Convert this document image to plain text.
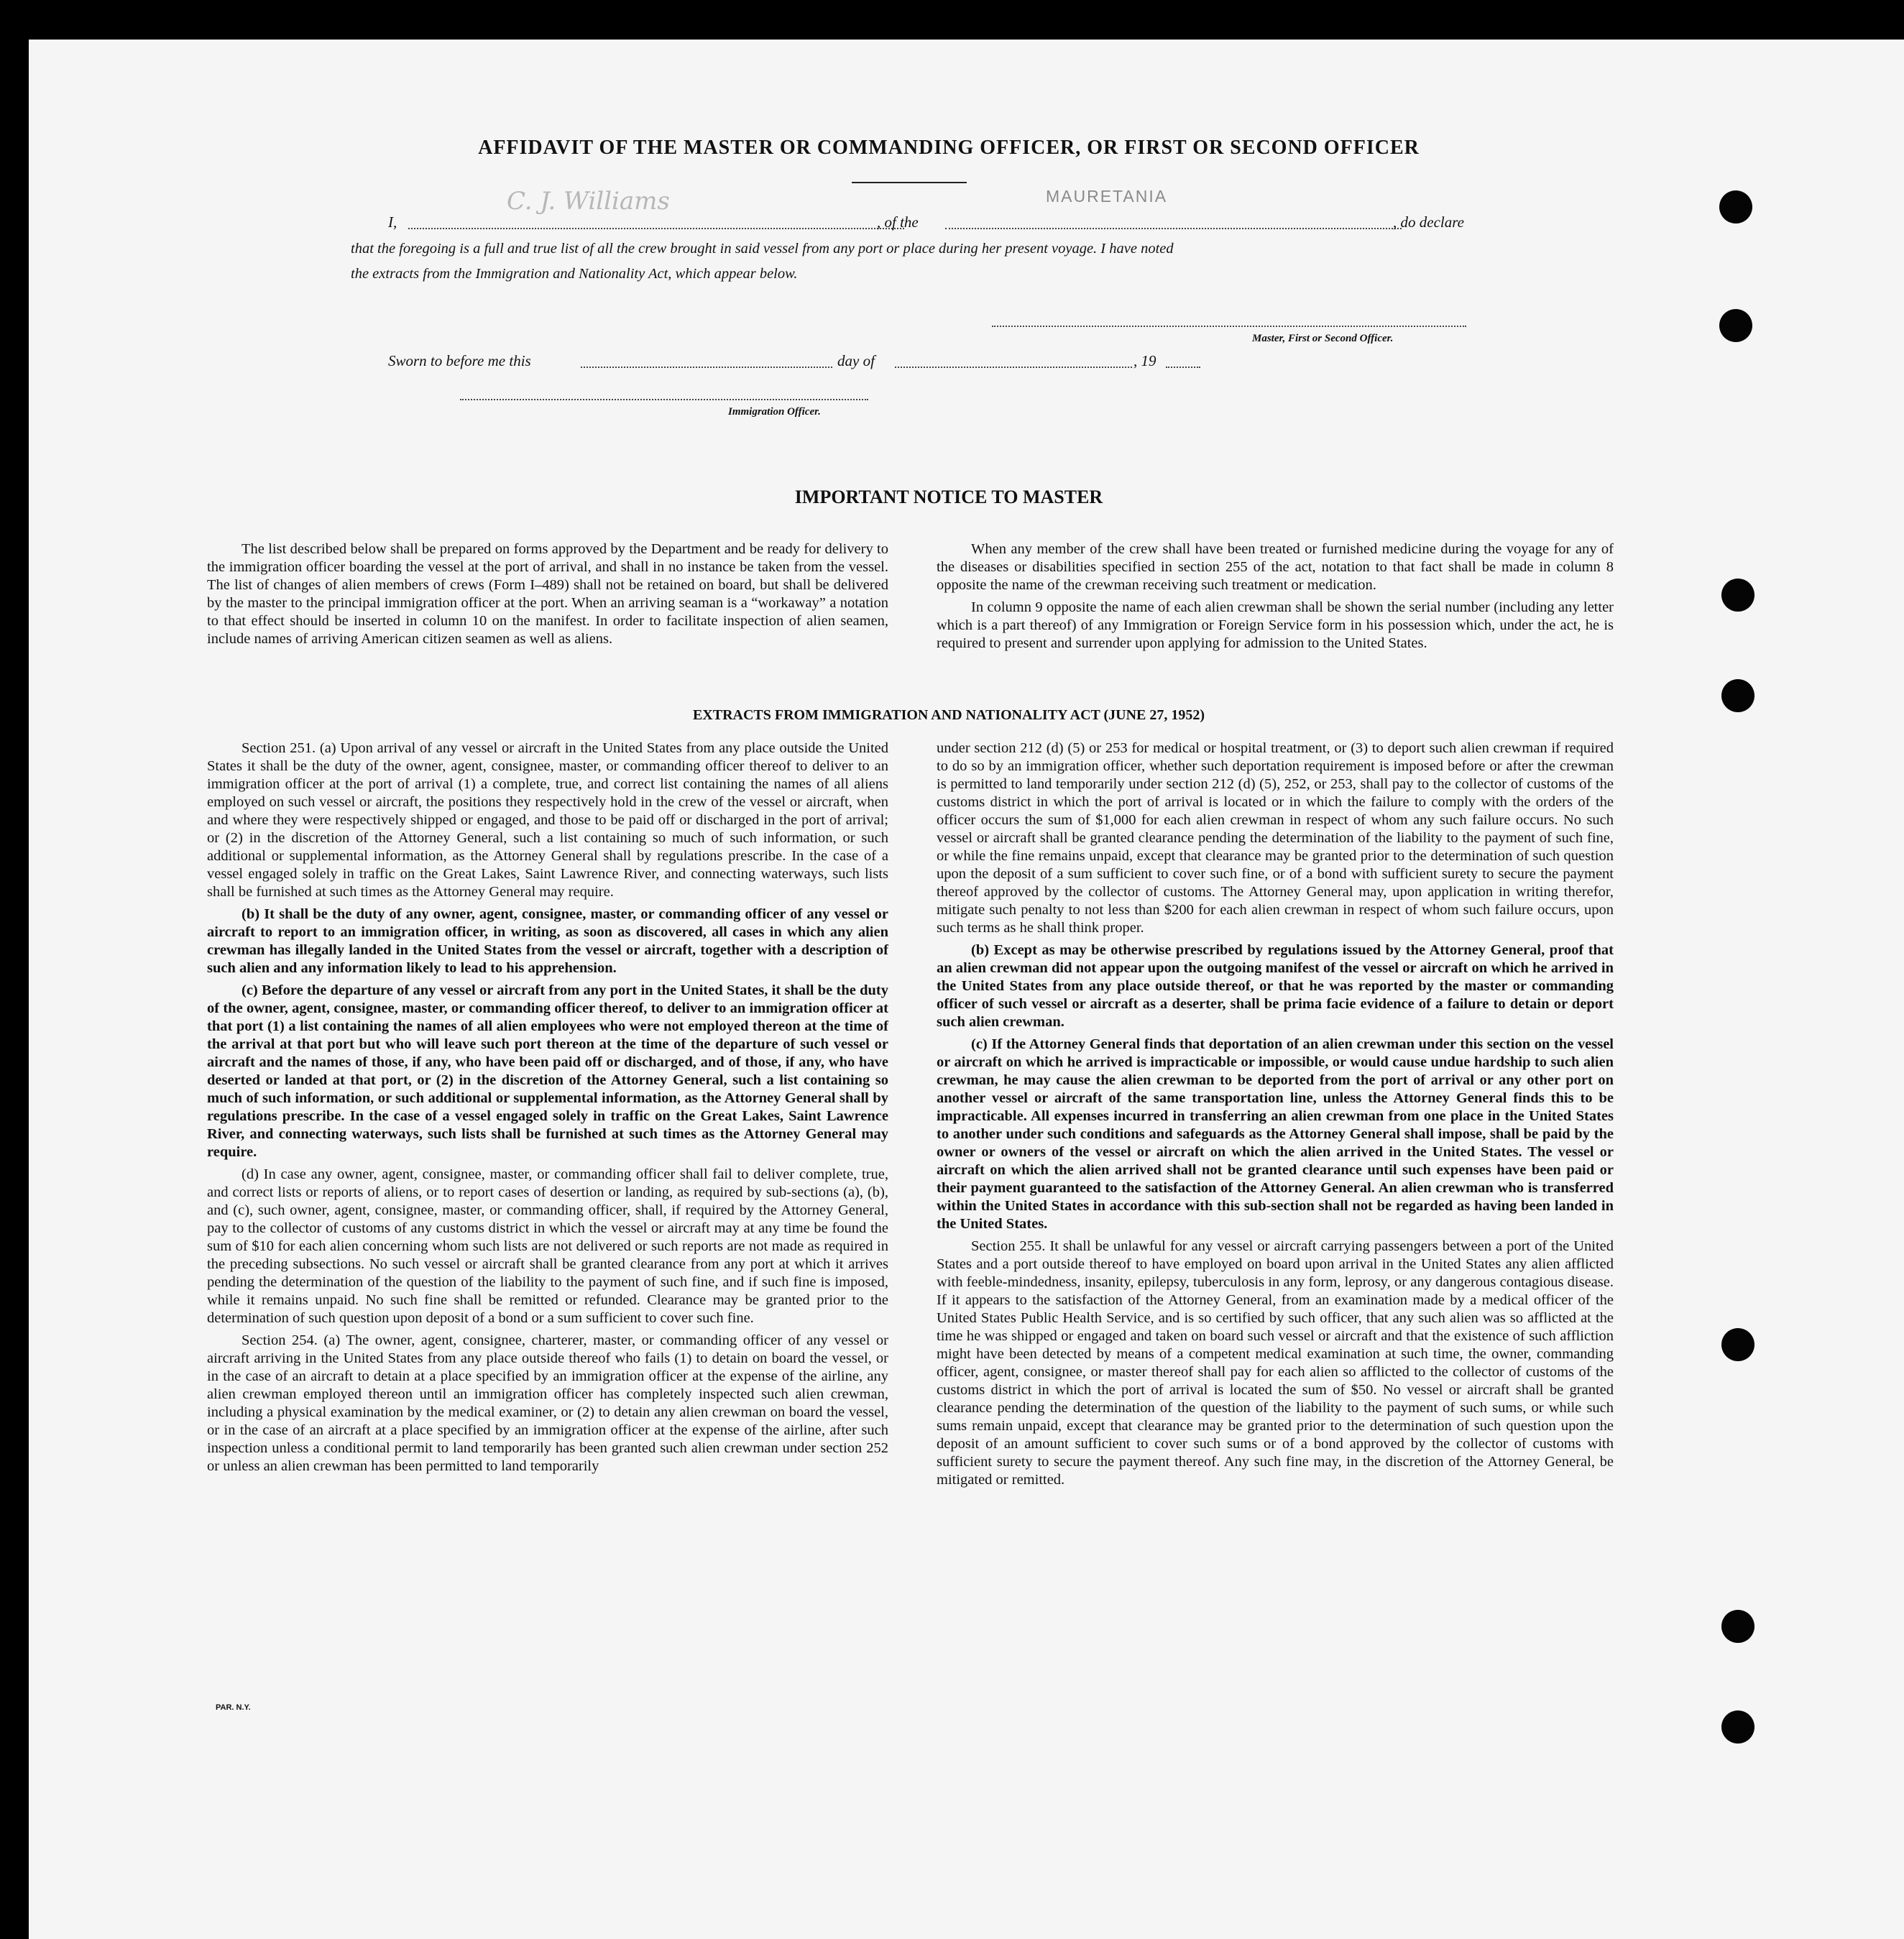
AFFIDAVIT OF THE MASTER OR COMMANDING OFFICER, OR FIRST OR SECOND OFFICER
I,
C. J. Williams
, of the
MAURETANIA
, do declare
that the foregoing is a full and true list of all the crew brought in said vessel from any port or place during her present voyage. I have noted
the extracts from the Immigration and Nationality Act, which appear below.
Master, First or Second Officer.
Sworn to before me this	day of	, 19
Immigration Officer.
IMPORTANT NOTICE TO MASTER

The list described below shall be prepared on forms approved by the Department and be ready for delivery to the immigration officer boarding the vessel at the port of arrival, and shall in no instance be taken from the vessel. The list of changes of alien members of crews (Form I–489) shall not be retained on board, but shall be delivered by the master to the principal immigration officer at the port. When an arriving seaman is a “workaway” a notation to that effect should be inserted in column 10 on the manifest. In order to facilitate inspection of alien seamen, include names of arriving American citizen seamen as well as aliens.

When any member of the crew shall have been treated or furnished medicine during the voyage for any of the diseases or disabilities specified in section 255 of the act, notation to that fact shall be made in column 8 opposite the name of the crewman receiving such treatment or medication.

In column 9 opposite the name of each alien crewman shall be shown the serial number (including any letter which is a part thereof) of any Immigration or Foreign Service form in his possession which, under the act, he is required to present and surrender upon applying for admission to the United States.

EXTRACTS FROM IMMIGRATION AND NATIONALITY ACT (JUNE 27, 1952)

Section 251. (a) Upon arrival of any vessel or aircraft in the United States from any place outside the United States it shall be the duty of the owner, agent, consignee, master, or commanding officer thereof to deliver to an immigration officer at the port of arrival (1) a complete, true, and correct list containing the names of all aliens employed on such vessel or aircraft, the positions they respectively hold in the crew of the vessel or aircraft, when and where they were respectively shipped or engaged, and those to be paid off or discharged in the port of arrival; or (2) in the discretion of the Attorney General, such a list containing so much of such information, or such additional or supplemental information, as the Attorney General shall by regulations prescribe. In the case of a vessel engaged solely in traffic on the Great Lakes, Saint Lawrence River, and connecting waterways, such lists shall be furnished at such times as the Attorney General may require.

(b) It shall be the duty of any owner, agent, consignee, master, or commanding officer of any vessel or aircraft to report to an immigration officer, in writing, as soon as discovered, all cases in which any alien crewman has illegally landed in the United States from the vessel or aircraft, together with a description of such alien and any information likely to lead to his apprehension.

(c) Before the departure of any vessel or aircraft from any port in the United States, it shall be the duty of the owner, agent, consignee, master, or commanding officer thereof, to deliver to an immigration officer at that port (1) a list containing the names of all alien employees who were not employed thereon at the time of the arrival at that port but who will leave such port thereon at the time of the departure of such vessel or aircraft and the names of those, if any, who have been paid off or discharged, and of those, if any, who have deserted or landed at that port, or (2) in the discretion of the Attorney General, such a list containing so much of such information, or such additional or supplemental information, as the Attorney General shall by regulations prescribe. In the case of a vessel engaged solely in traffic on the Great Lakes, Saint Lawrence River, and connecting waterways, such lists shall be furnished at such times as the Attorney General may require.

(d) In case any owner, agent, consignee, master, or commanding officer shall fail to deliver complete, true, and correct lists or reports of aliens, or to report cases of desertion or landing, as required by sub-sections (a), (b), and (c), such owner, agent, consignee, master, or commanding officer, shall, if required by the Attorney General, pay to the collector of customs of any customs district in which the vessel or aircraft may at any time be found the sum of $10 for each alien concerning whom such lists are not delivered or such reports are not made as required in the preceding subsections. No such vessel or aircraft shall be granted clearance from any port at which it arrives pending the determination of the question of the liability to the payment of such fine, and if such fine is imposed, while it remains unpaid. No such fine shall be remitted or refunded. Clearance may be granted prior to the determination of such question upon deposit of a bond or a sum sufficient to cover such fine.

Section 254. (a) The owner, agent, consignee, charterer, master, or commanding officer of any vessel or aircraft arriving in the United States from any place outside thereof who fails (1) to detain on board the vessel, or in the case of an aircraft to detain at a place specified by an immigration officer at the expense of the airline, any alien crewman employed thereon until an immigration officer has completely inspected such alien crewman, including a physical examination by the medical examiner, or (2) to detain any alien crewman on board the vessel, or in the case of an aircraft at a place specified by an immigration officer at the expense of the airline, after such inspection unless a conditional permit to land temporarily has been granted such alien crewman under section 252 or unless an alien crewman has been permitted to land temporarily

under section 212 (d) (5) or 253 for medical or hospital treatment, or (3) to deport such alien crewman if required to do so by an immigration officer, whether such deportation requirement is imposed before or after the crewman is permitted to land temporarily under section 212 (d) (5), 252, or 253, shall pay to the collector of customs of the customs district in which the port of arrival is located or in which the failure to comply with the orders of the officer occurs the sum of $1,000 for each alien crewman in respect of whom any such failure occurs. No such vessel or aircraft shall be granted clearance pending the determination of the liability to the payment of such fine, or while the fine remains unpaid, except that clearance may be granted prior to the determination of such question upon the deposit of a sum sufficient to cover such fine, or of a bond with sufficient surety to secure the payment thereof approved by the collector of customs. The Attorney General may, upon application in writing therefor, mitigate such penalty to not less than $200 for each alien crewman in respect of whom such failure occurs, upon such terms as he shall think proper.

(b) Except as may be otherwise prescribed by regulations issued by the Attorney General, proof that an alien crewman did not appear upon the outgoing manifest of the vessel or aircraft on which he arrived in the United States from any place outside thereof, or that he was reported by the master or commanding officer of such vessel or aircraft as a deserter, shall be prima facie evidence of a failure to detain or deport such alien crewman.

(c) If the Attorney General finds that deportation of an alien crewman under this section on the vessel or aircraft on which he arrived is impracticable or impossible, or would cause undue hardship to such alien crewman, he may cause the alien crewman to be deported from the port of arrival or any other port on another vessel or aircraft of the same transportation line, unless the Attorney General finds this to be impracticable. All expenses incurred in transferring an alien crewman from one place in the United States to another under such conditions and safeguards as the Attorney General shall impose, shall be paid by the owner or owners of the vessel or aircraft on which the alien arrived in the United States. The vessel or aircraft on which the alien arrived shall not be granted clearance until such expenses have been paid or their payment guaranteed to the satisfaction of the Attorney General. An alien crewman who is transferred within the United States in accordance with this sub-section shall not be regarded as having been landed in the United States.

Section 255. It shall be unlawful for any vessel or aircraft carrying passengers between a port of the United States and a port outside thereof to have employed on board upon arrival in the United States any alien afflicted with feeble-mindedness, insanity, epilepsy, tuberculosis in any form, leprosy, or any dangerous contagious disease. If it appears to the satisfaction of the Attorney General, from an examination made by a medical officer of the United States Public Health Service, and is so certified by such officer, that any such alien was so afflicted at the time he was shipped or engaged and taken on board such vessel or aircraft and that the existence of such affliction might have been detected by means of a competent medical examination at such time, the owner, commanding officer, agent, consignee, or master thereof shall pay for each alien so afflicted to the collector of customs of the customs district in which the port of arrival is located the sum of $50. No vessel or aircraft shall be granted clearance pending the determination of the question of the liability to the payment of such sums, or while such sums remain unpaid, except that clearance may be granted prior to the determination of such question upon the deposit of an amount sufficient to cover such sums or of a bond approved by the collector of customs with sufficient surety to secure the payment thereof. Any such fine may, in the discretion of the Attorney General, be mitigated or remitted.

PAR. N.Y.
